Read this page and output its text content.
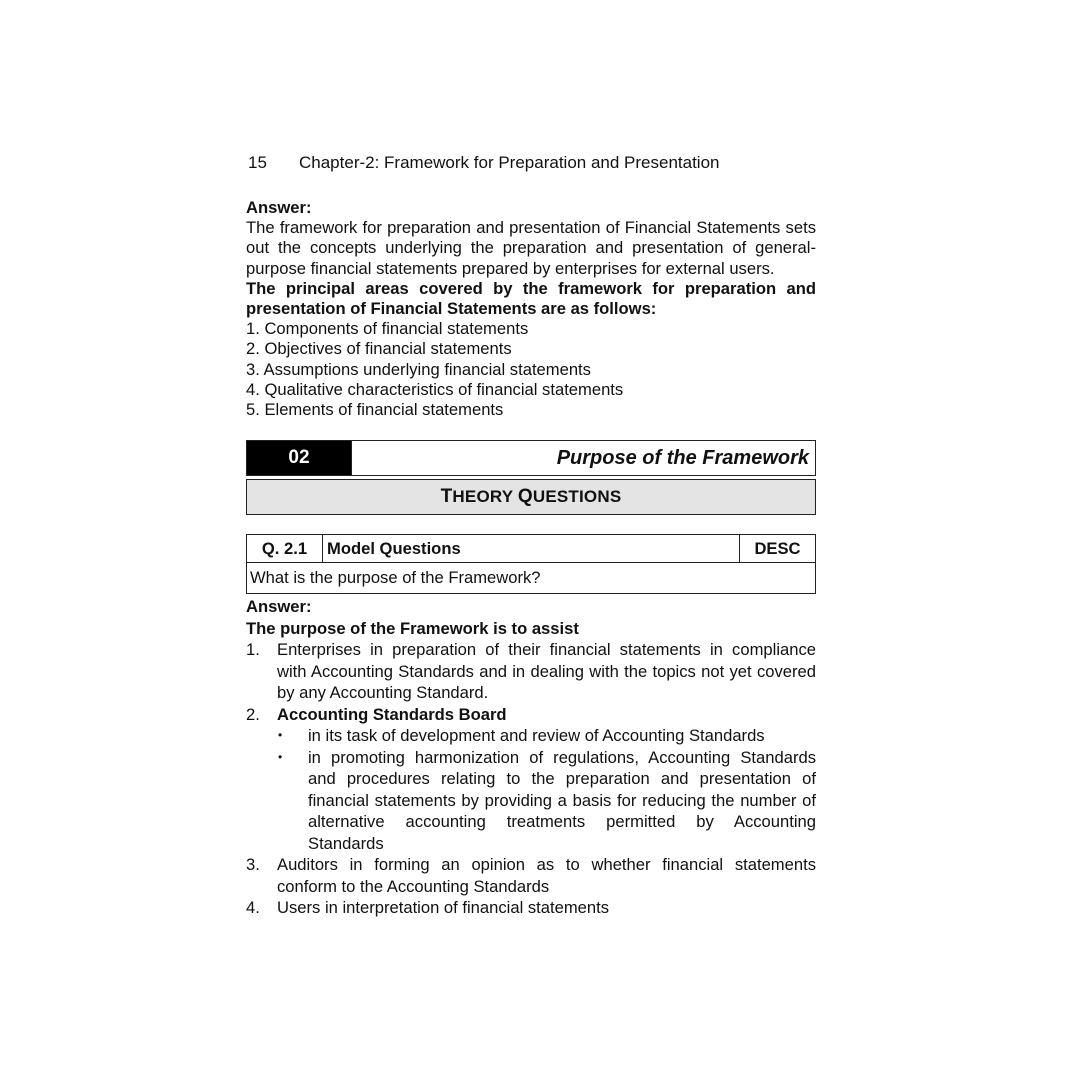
15 Chapter-2: Framework for Preparation and Presentation
Answer:
The framework for preparation and presentation of Financial Statements sets
out the concepts underlying the preparation and presentation of general-
purpose financial statements prepared by enterprises for external users.
The principal areas covered by the framework for preparation and
presentation of Financial Statements are as follows:
1. Components of financial statements
2. Objectives of financial statements
3. Assumptions underlying financial statements
4. Qualitative characteristics of financial statements
5. Elements of financial statements
02	Purpose of the Framework
T HEORY Q UESTIONS
Q. 2.1	Model Questions	DESC
What is the purpose of the Framework?
Answer:
The purpose of the Framework is to assist
1. Enterprises in preparation of their financial statements in compliance
with Accounting Standards and in dealing with the topics not yet covered
by any Accounting Standard.
2. Accounting Standards Board
• in its task of development and review of Accounting Standards
• in promoting harmonization of regulations, Accounting Standards
and procedures relating to the preparation and presentation of
financial statements by providing a basis for reducing the number of
alternative accounting treatments permitted by Accounting
Standards
3. Auditors in forming an opinion as to whether financial statements
conform to the Accounting Standards
4. Users in interpretation of financial statements
